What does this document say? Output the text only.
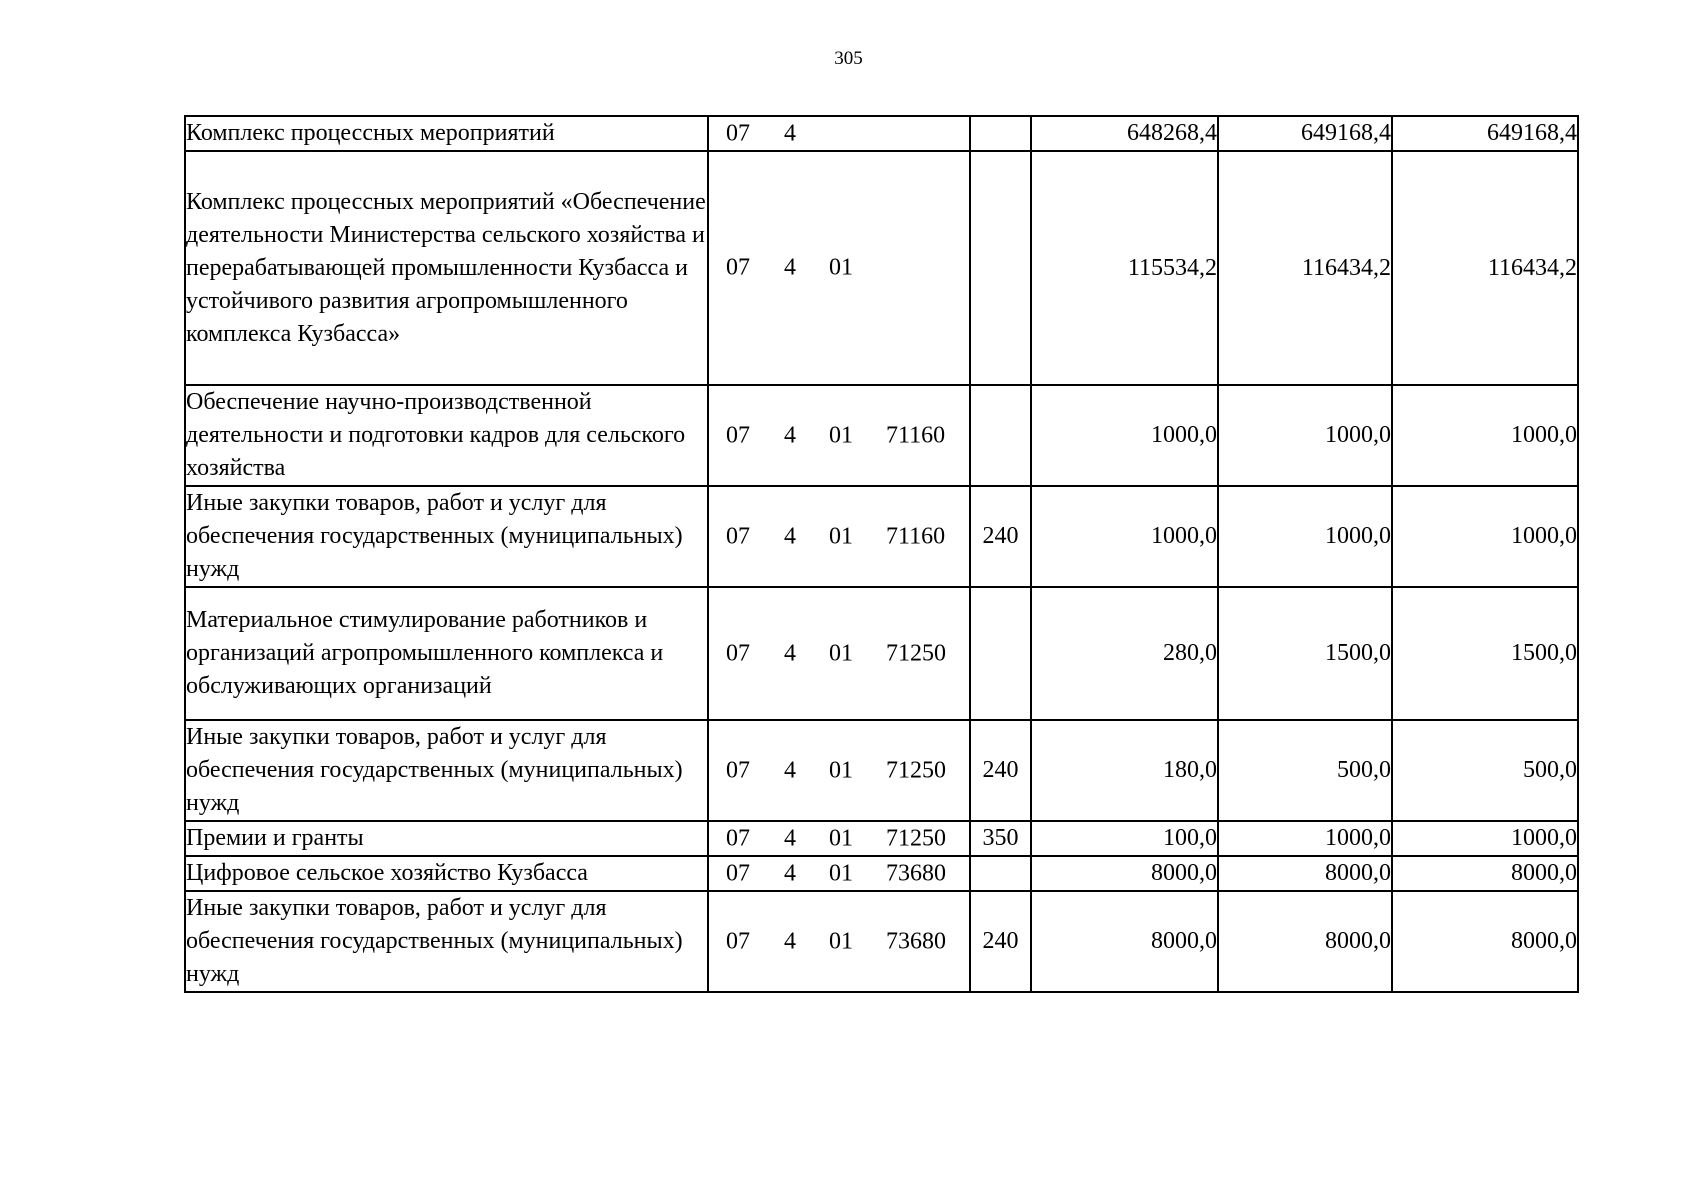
305
Комплекс процессных мероприятий	07 4		648268,4	649168,4	649168,4
Комплекс процессных мероприятий «Обеспечение деятельности Министерства сельского хозяйства и перерабатывающей промышленности Кузбасса и устойчивого развития агропромышленного комплекса Кузбасса»	07 4 01		115534,2	116434,2	116434,2
Обеспечение научно-производственной деятельности и подготовки кадров для сельского хозяйства	07 4 01 71160		1000,0	1000,0	1000,0
Иные закупки товаров, работ и услуг для обеспечения государственных (муниципальных) нужд	07 4 01 71160	240	1000,0	1000,0	1000,0
Материальное стимулирование работников и организаций агропромышленного комплекса и обслуживающих организаций	07 4 01 71250		280,0	1500,0	1500,0
Иные закупки товаров, работ и услуг для обеспечения государственных (муниципальных) нужд	07 4 01 71250	240	180,0	500,0	500,0
Премии и гранты	07 4 01 71250	350	100,0	1000,0	1000,0
Цифровое сельское хозяйство Кузбасса	07 4 01 73680		8000,0	8000,0	8000,0
Иные закупки товаров, работ и услуг для обеспечения государственных (муниципальных) нужд	07 4 01 73680	240	8000,0	8000,0	8000,0
